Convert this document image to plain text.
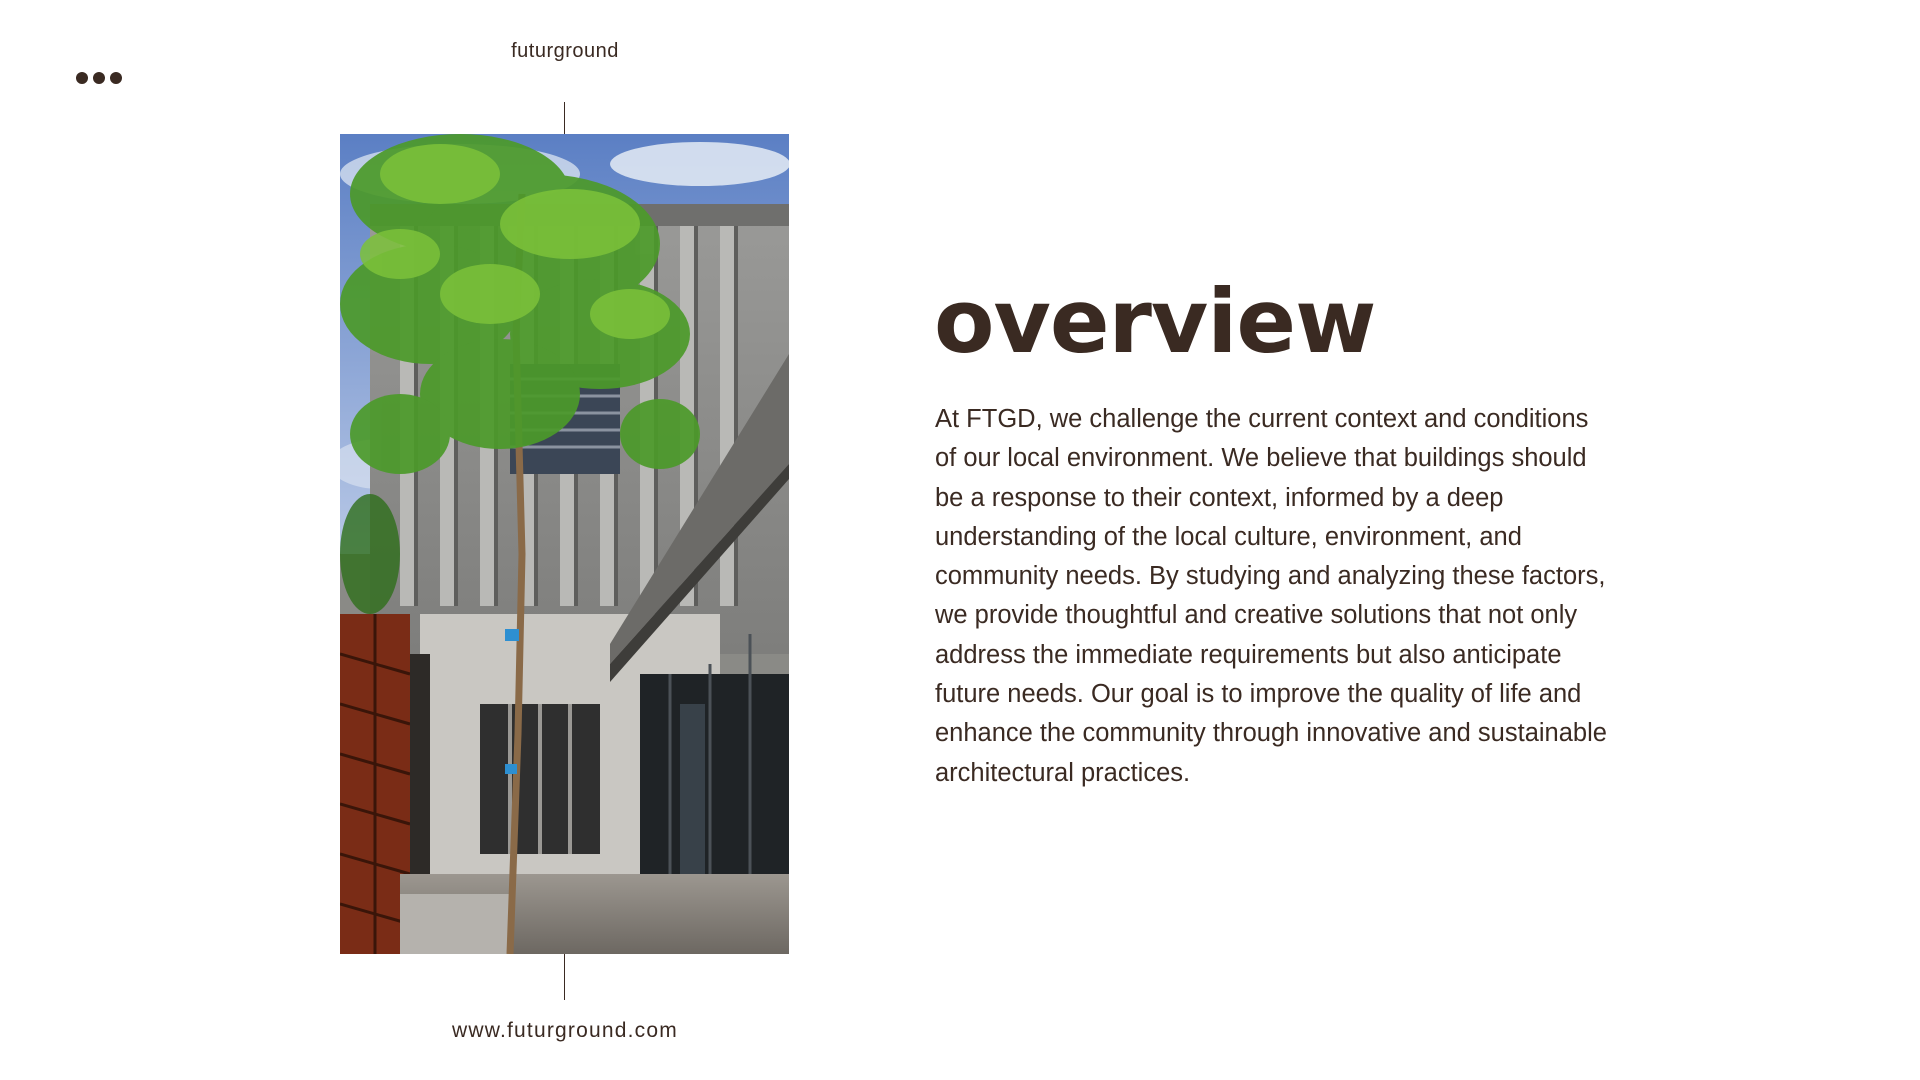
futurground
www.futurground.com
overview

At FTGD, we challenge the current context and conditions of our local environment. We believe that buildings should be a response to their context, informed by a deep understanding of the local culture, environment, and community needs. By studying and analyzing these factors, we provide thoughtful and creative solutions that not only address the immediate requirements but also anticipate future needs. Our goal is to improve the quality of life and enhance the community through innovative and sustainable architectural practices.
